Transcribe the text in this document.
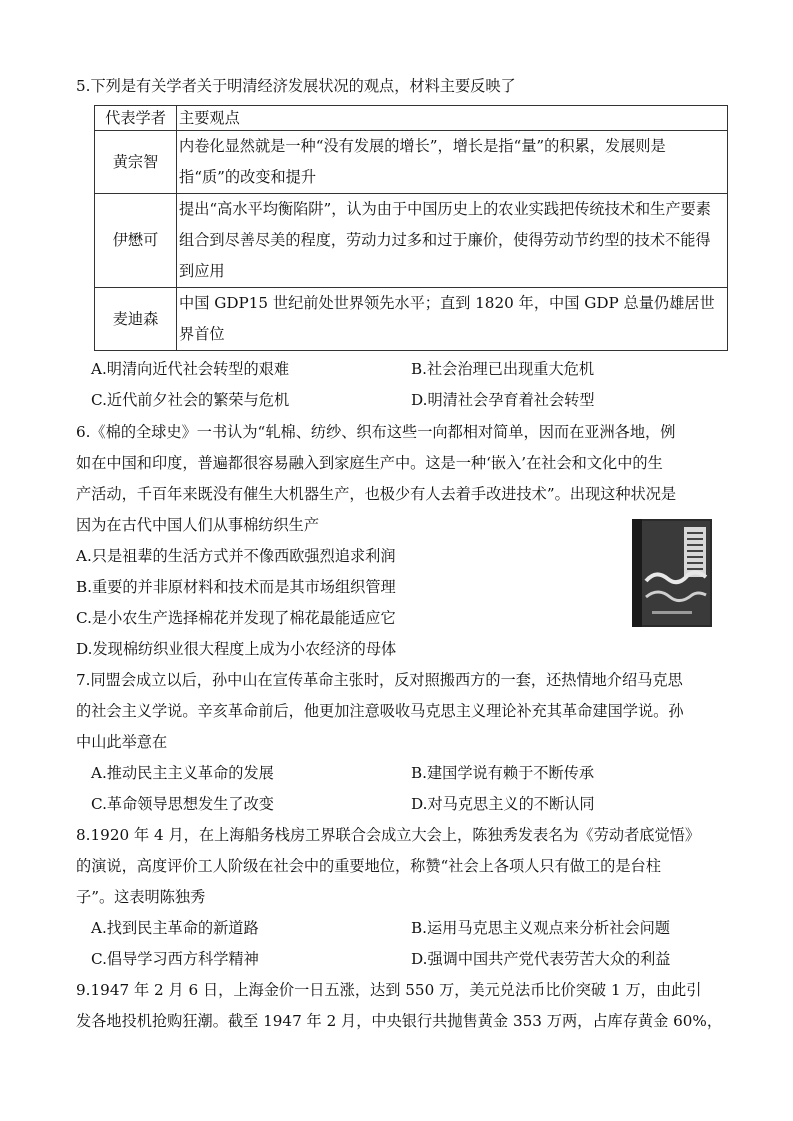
5.下列是有关学者关于明清经济发展状况的观点，材料主要反映了
代表学者	主要观点
黄宗智	内卷化显然就是一种“没有发展的增长”，增长是指“量”的积累，发展则是指“质”的改变和提升
伊懋可	提出“高水平均衡陷阱”，认为由于中国历史上的农业实践把传统技术和生产要素组合到尽善尽美的程度，劳动力过多和过于廉价，使得劳动节约型的技术不能得到应用
麦迪森	中国 GDP15 世纪前处世界领先水平；直到 1820 年，中国 GDP 总量仍雄居世界首位
A.明清向近代社会转型的艰难	B.社会治理已出现重大危机
C.近代前夕社会的繁荣与危机	D.明清社会孕育着社会转型
6.《棉的全球史》一书认为“轧棉、纺纱、织布这些一向都相对简单，因而在亚洲各地，例
如在中国和印度，普遍都很容易融入到家庭生产中。这是一种‘嵌入’在社会和文化中的生
产活动，千百年来既没有催生大机器生产，也极少有人去着手改进技术”。出现这种状况是
因为在古代中国人们从事棉纺织生产
A.只是祖辈的生活方式并不像西欧强烈追求利润
B.重要的并非原材料和技术而是其市场组织管理
C.是小农生产选择棉花并发现了棉花最能适应它
D.发现棉纺织业很大程度上成为小农经济的母体
7.同盟会成立以后，孙中山在宣传革命主张时，反对照搬西方的一套，还热情地介绍马克思
的社会主义学说。辛亥革命前后，他更加注意吸收马克思主义理论补充其革命建国学说。孙
中山此举意在
A.推动民主主义革命的发展	B.建国学说有赖于不断传承
C.革命领导思想发生了改变	D.对马克思主义的不断认同
8.1920 年 4 月，在上海船务栈房工界联合会成立大会上，陈独秀发表名为《劳动者底觉悟》
的演说，高度评价工人阶级在社会中的重要地位，称赞“社会上各项人只有做工的是台柱
子”。这表明陈独秀
A.找到民主革命的新道路	B.运用马克思主义观点来分析社会问题
C.倡导学习西方科学精神	D.强调中国共产党代表劳苦大众的利益
9.1947 年 2 月 6 日，上海金价一日五涨，达到 550 万，美元兑法币比价突破 1 万，由此引
发各地投机抢购狂潮。截至 1947 年 2 月，中央银行共抛售黄金 353 万两，占库存黄金 60%，
